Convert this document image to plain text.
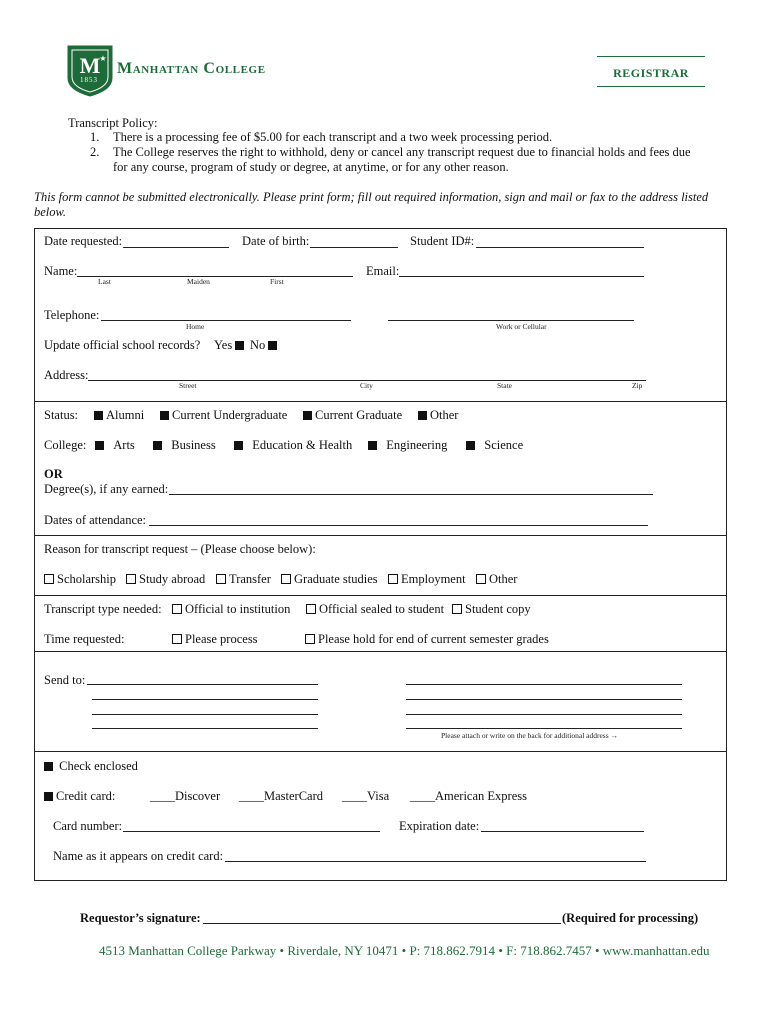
M ★
1853
Manhattan College	REGISTRAR
Transcript Policy:
1. There is a processing fee of $5.00 for each transcript and a two week processing period.
2. The College reserves the right to withhold, deny or cancel any transcript request due to financial holds and fees due
for any course, program of study or degree, at anytime, or for any other reason.
This form cannot be submitted electronically. Please print form; fill out required information, sign and mail or fax to the address listed
below.
Date requested:	Date of birth:	Student ID#:
Name:
Last	Maiden	First
Email:
Telephone:
Home	Work or Cellular
Update official school records? Yes	No
Address:
Street	City	State	Zip
Status:	Alumni	Current Undergraduate	Current Graduate	Other
College:	Arts	Business	Education & Health	Engineering	Science
OR
Degree(s), if any earned:
Dates of attendance:
Reason for transcript request – (Please choose below):
Scholarship	Study abroad	Transfer	Graduate studies	Employment	Other
Transcript type needed:	Official to institution	Official sealed to student	Student copy
Time requested:	Please process	Please hold for end of current semester grades
Send to:
Please attach or write on the back for additional address →
Check enclosed
Credit card:	____Discover ____MasterCard ____Visa ____American Express
Card number:	Expiration date:
Name as it appears on credit card:
Requestor’s signature:	(Required for processing)
4513 Manhattan College Parkway • Riverdale, NY 10471 • P: 718.862.7914 • F: 718.862.7457 • www.manhattan.edu
